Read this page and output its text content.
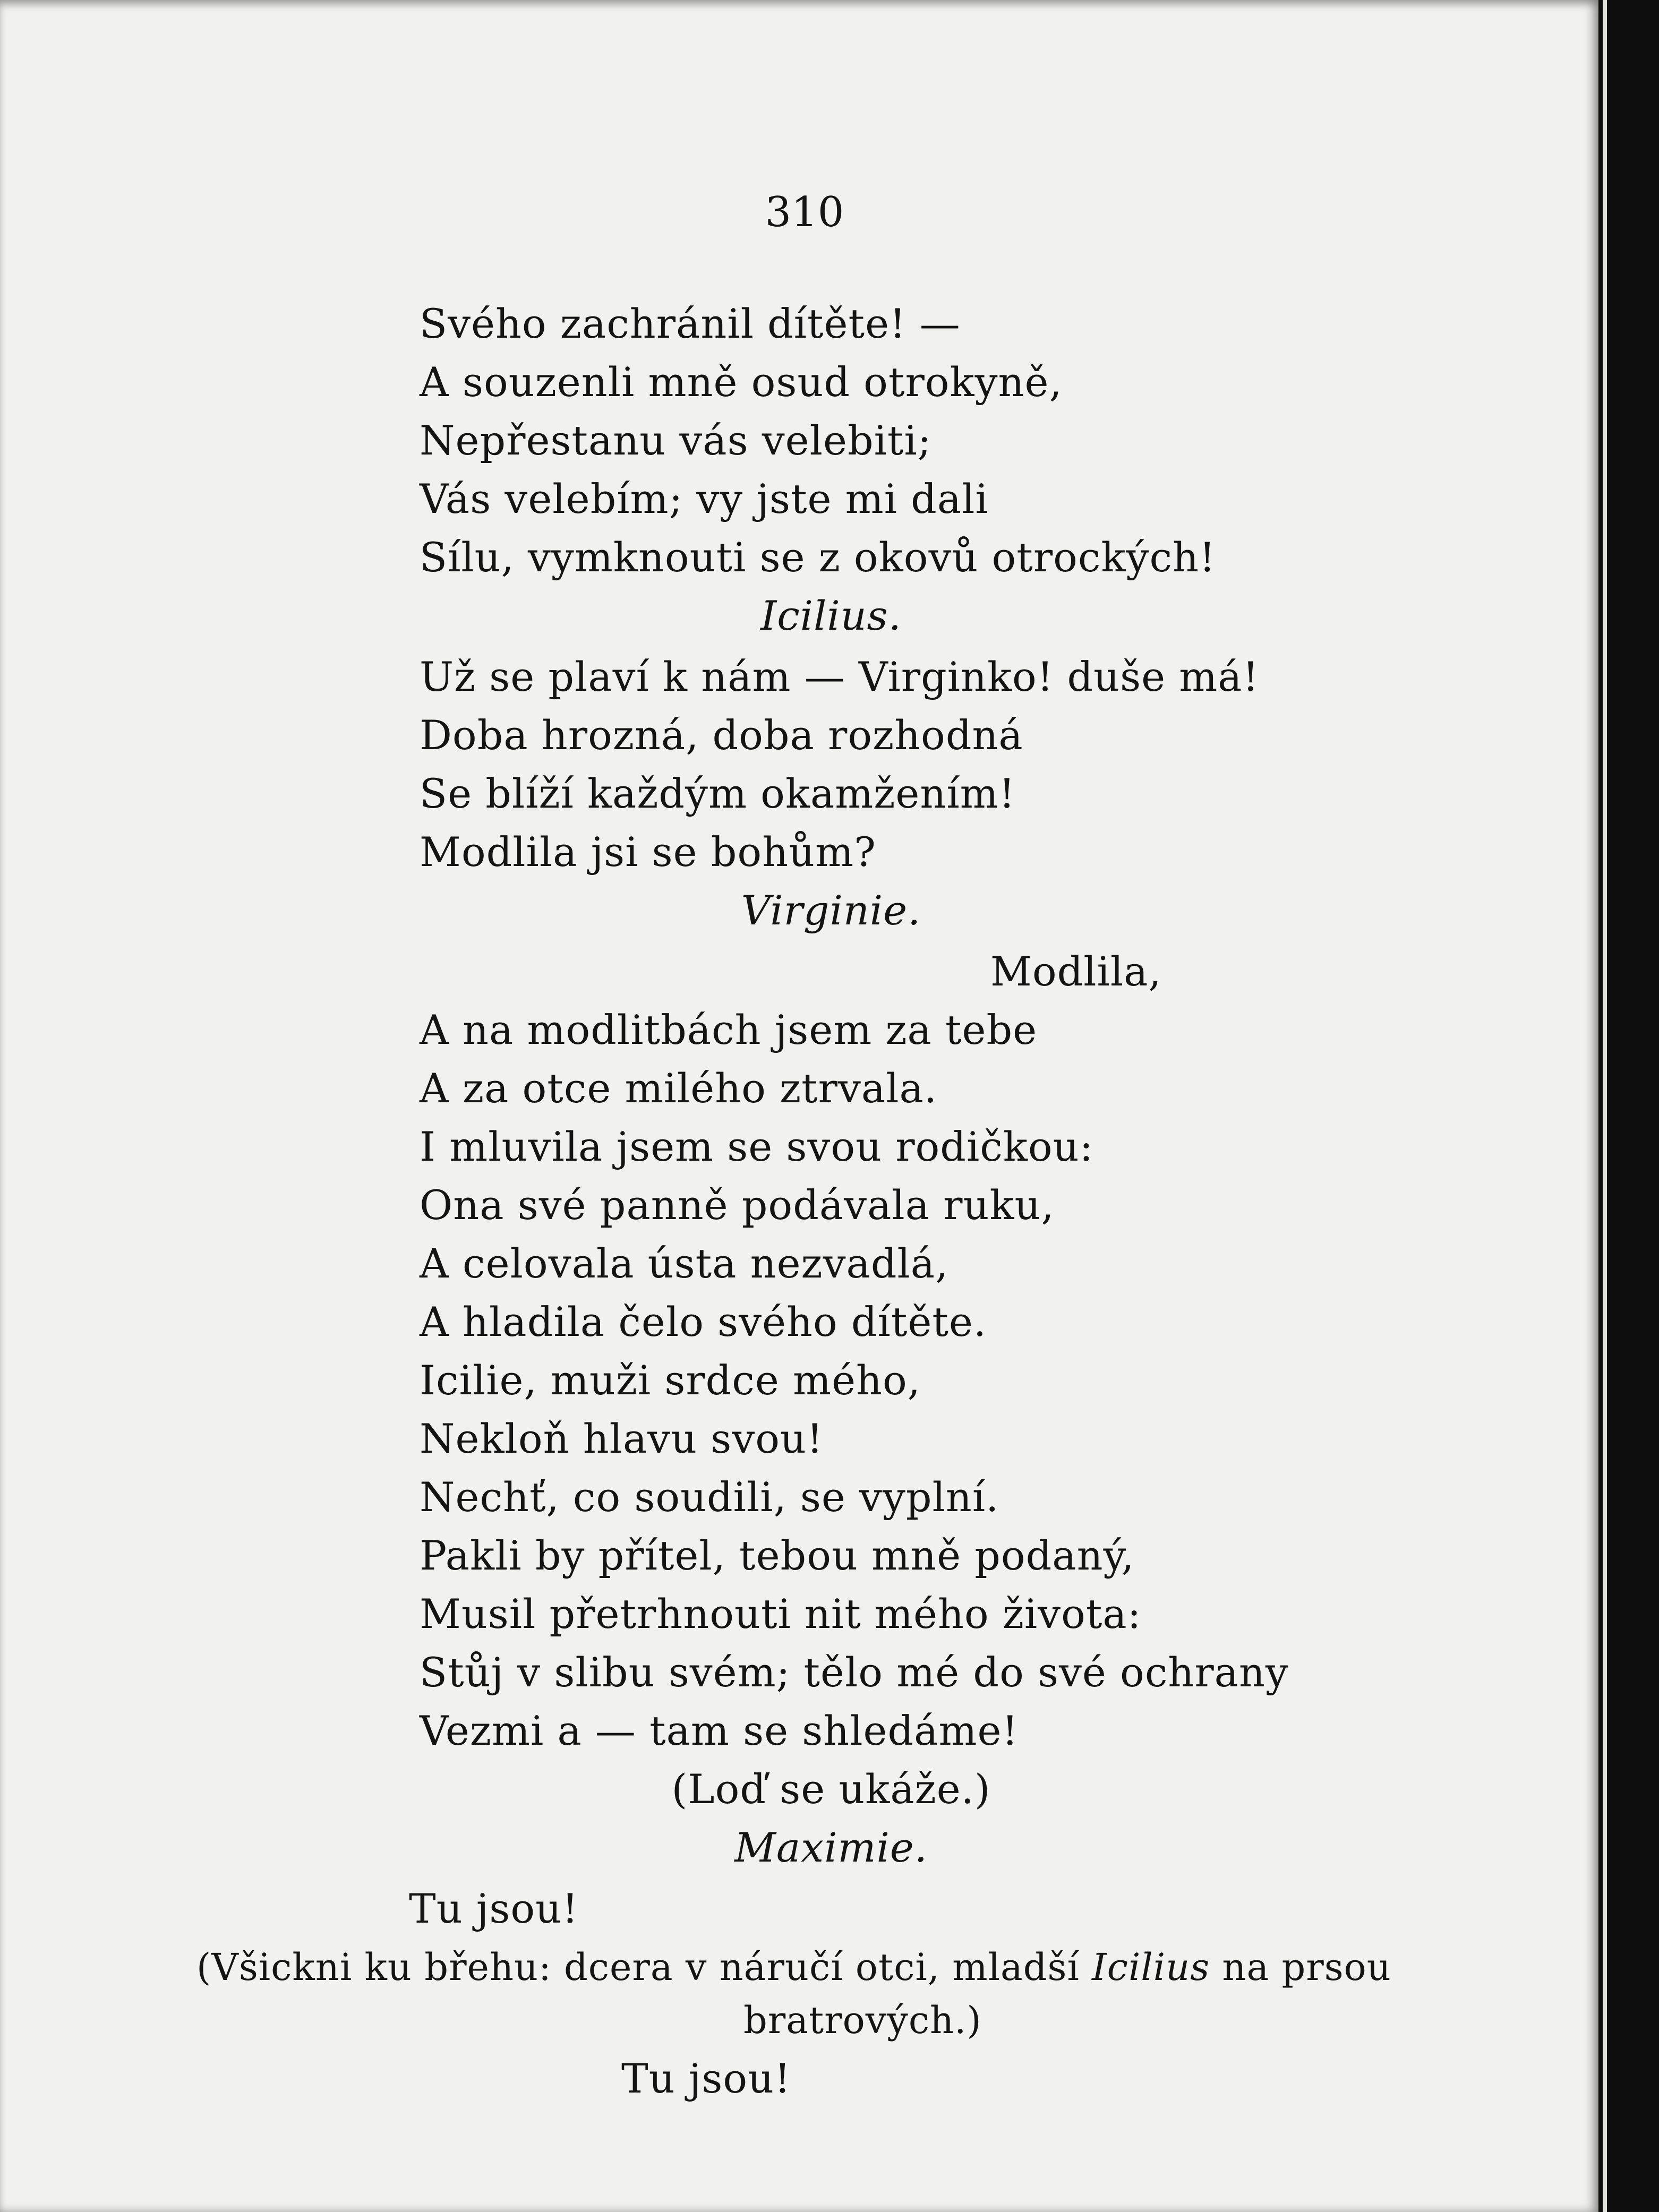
310
Svého zachránil dítěte! —
A souzenli mně osud otrokyně,
Nepřestanu vás velebiti;
Vás velebím; vy jste mi dali
Sílu, vymknouti se z okovů otrockých!
Icilius.
Už se plaví k nám — Virginko! duše má!
Doba hrozná, doba rozhodná
Se blíží každým okamžením!
Modlila jsi se bohům?
Virginie.
Modlila,
A na modlitbách jsem za tebe
A za otce milého ztrvala.
I mluvila jsem se svou rodičkou:
Ona své panně podávala ruku,
A celovala ústa nezvadlá,
A hladila čelo svého dítěte.
Icilie, muži srdce mého,
Nekloň hlavu svou!
Nechť, co soudili, se vyplní.
Pakli by přítel, tebou mně podaný,
Musil přetrhnouti nit mého života:
Stůj v slibu svém; tělo mé do své ochrany
Vezmi a — tam se shledáme!
(Loď se ukáže.)
Maximie.
Tu jsou!
(Všickni ku břehu: dcera v náručí otci, mladší Icilius na prsou
bratrových.)
Tu jsou!
